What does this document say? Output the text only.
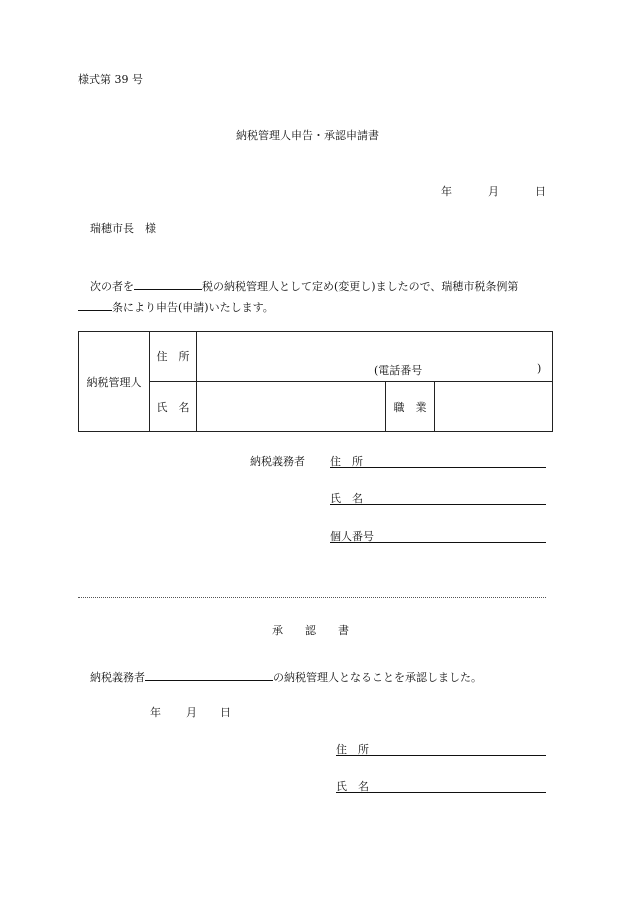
様式第 39 号
納税管理人申告・承認申請書
年	月	日
瑞穂市長　様
次の者を	税の納税管理人として定め(変更し)ましたので、瑞穂市税条例第
条により申告(申請)いたします。
納税管理人	住　所	(電話番号 )		

	氏　名		職　業	
納税義務者 住　所
氏　名
個人番号
承　　認　　書
納税義務者	の納税管理人となることを承認しました。
年 月 日
住　所
氏　名
